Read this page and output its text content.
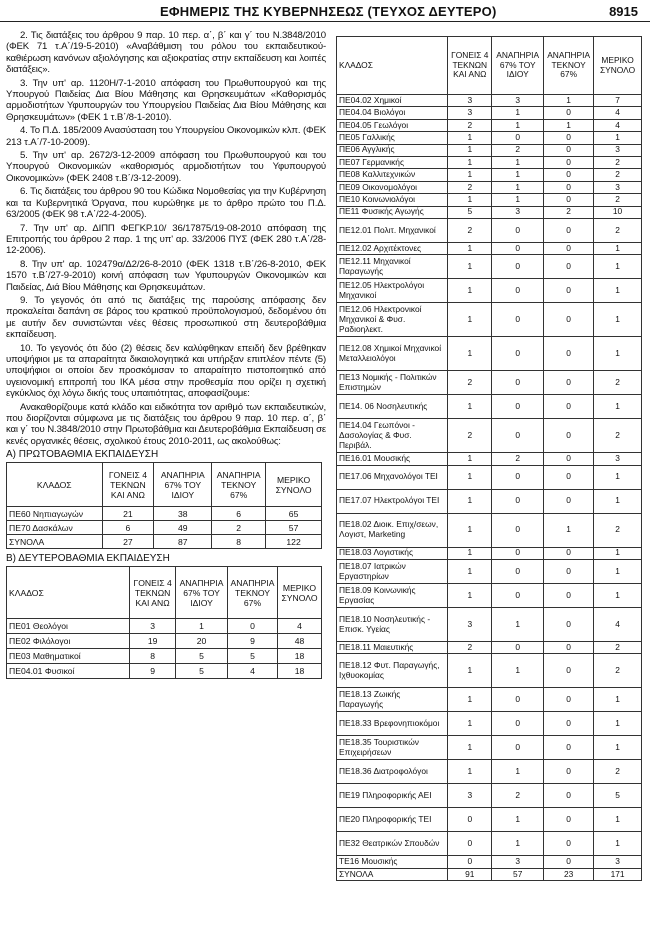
ΕΦΗΜΕΡΙΣ ΤΗΣ ΚΥΒΕΡΝΗΣΕΩΣ (ΤΕΥΧΟΣ ΔΕΥΤΕΡΟ)	8915
2. Τις διατάξεις του άρθρου 9 παρ. 10 περ. α΄, β΄ και γ΄ του Ν.3848/2010 (ΦΕΚ 71 τ.Α΄/19-5-2010) «Αναβάθμιση του ρόλου του εκπαιδευτικού- καθιέρωση κανόνων αξιολόγησης και αξιοκρατίας στην εκπαίδευση και λοιπές διατάξεις».
3. Την υπ' αρ. 1120Η/7-1-2010 απόφαση του Πρωθυπουργού και της Υπουργού Παιδείας Δια Βίου Μάθησης και Θρησκευμάτων «Καθορισμός αρμοδιοτήτων Υφυπουργών του Υπουργείου Παιδείας Δια Βίου Μάθησης και Θρησκευμάτων» (ΦΕΚ 1 τ.Β΄/8-1-2010).
4. Το Π.Δ. 185/2009 Ανασύσταση του Υπουργείου Οικονομικών κλπ. (ΦΕΚ 213 τ.Α΄/7-10-2009).
5. Την υπ' αρ. 2672/3-12-2009 απόφαση του Πρωθυπουργού και του Υπουργού Οικονομικών «καθορισμός αρμοδιοτήτων του Υφυπουργού Οικονομικών» (ΦΕΚ 2408 τ.Β΄/3-12-2009).
6. Τις διατάξεις του άρθρου 90 του Κώδικα Νομοθεσίας για την Κυβέρνηση και τα Κυβερνητικά Όργανα, που κυρώθηκε με το άρθρο πρώτο του Π.Δ. 63/2005 (ΦΕΚ 98 τ.Α΄/22-4-2005).
7. Την υπ' αρ. ΔΙΠΠ ΦΕΓΚΡ.10/ 36/17875/19-08-2010 απόφαση της Επιτροπής του άρθρου 2 παρ. 1 της υπ' αρ. 33/2006 ΠΥΣ (ΦΕΚ 280 τ.Α΄/28-12-2006).
8. Την υπ' αρ. 102479α/Δ2/26-8-2010 (ΦΕΚ 1318 τ.Β΄/26-8-2010, ΦΕΚ 1570 τ.Β΄/27-9-2010) κοινή απόφαση των Υφυπουργών Οικονομικών και Παιδείας, Διά Βίου Μάθησης και Θρησκευμάτων.
9. Το γεγονός ότι από τις διατάξεις της παρούσης απόφασης δεν προκαλείται δαπάνη σε βάρος του κρατικού προϋπολογισμού, δεδομένου ότι με αυτήν δεν συνιστώνται νέες θέσεις προσωπικού στη δευτεροβάθμια εκπαίδευση.
10. Το γεγονός ότι δύο (2) θέσεις δεν καλύφθηκαν επειδή δεν βρέθηκαν υποψήφιοι με τα απαραίτητα δικαιολογητικά και υπήρξαν επιπλέον πέντε (5) υποψήφιοι οι οποίοι δεν προσκόμισαν το απαραίτητο πιστοποιητικό από υγειονομική επιτροπή του ΙΚΑ μέσα στην προθεσμία που ορίζει η σχετική εγκύκλιος όχι λόγω δικής τους υπαιτιότητας, αποφασίζουμε:
Ανακαθορίζουμε κατά κλάδο και ειδικότητα τον αριθμό των εκπαιδευτικών, που διορίζονται σύμφωνα με τις διατάξεις του άρθρου 9 παρ. 10 περ. α΄, β΄ και γ΄ του Ν.3848/2010 στην Πρωτοβάθμια και Δευτεροβάθμια Εκπαίδευση σε κενές οργανικές θέσεις, σχολικού έτους 2010-2011, ως ακολούθως:
Α) ΠΡΩΤΟΒΑΘΜΙΑ ΕΚΠΑΙΔΕΥΣΗ
ΚΛΑΔΟΣ	ΓΟΝΕΙΣ 4 ΤΕΚΝΩΝ ΚΑΙ ΑΝΩ	ΑΝΑΠΗΡΙΑ 67% ΤΟΥ ΙΔΙΟΥ	ΑΝΑΠΗΡΙΑ ΤΕΚΝΟΥ 67%	ΜΕΡΙΚΟ ΣΥΝΟΛΟ
ΠΕ60 Νηπιαγωγών	21	38	6	65
ΠΕ70 Δασκάλων	6	49	2	57
ΣΥΝΟΛΑ	27	87	8	122
Β) ΔΕΥΤΕΡΟΒΑΘΜΙΑ ΕΚΠΑΙΔΕΥΣΗ
ΚΛΑΔΟΣ	ΓΟΝΕΙΣ 4 ΤΕΚΝΩΝ ΚΑΙ ΑΝΩ	ΑΝΑΠΗΡΙΑ 67% ΤΟΥ ΙΔΙΟΥ	ΑΝΑΠΗΡΙΑ ΤΕΚΝΟΥ 67%	ΜΕΡΙΚΟ ΣΥΝΟΛΟ
ΠΕ01 Θεολόγοι	3	1	0	4
ΠΕ02 Φιλόλογοι	19	20	9	48
ΠΕ03 Μαθηματικοί	8	5	5	18
ΠΕ04.01 Φυσικοί	9	5	4	18
ΚΛΑΔΟΣ	ΓΟΝΕΙΣ 4 ΤΕΚΝΩΝ ΚΑΙ ΑΝΩ	ΑΝΑΠΗΡΙΑ 67% ΤΟΥ ΙΔΙΟΥ	ΑΝΑΠΗΡΙΑ ΤΕΚΝΟΥ 67%	ΜΕΡΙΚΟ ΣΥΝΟΛΟ
ΠΕ04.02 Χημικοί	3	3	1	7
ΠΕ04.04 Βιολόγοι	3	1	0	4
ΠΕ04.05 Γεωλόγοι	2	1	1	4
ΠΕ05 Γαλλικής	1	0	0	1
ΠΕ06 Αγγλικής	1	2	0	3
ΠΕ07 Γερμανικής	1	1	0	2
ΠΕ08 Καλλιτεχνικών	1	1	0	2
ΠΕ09 Οικονομολόγοι	2	1	0	3
ΠΕ10 Κοινωνιολόγοι	1	1	0	2
ΠΕ11 Φυσικής Αγωγής	5	3	2	10
ΠΕ12.01 Πολιτ. Μηχανικοί	2	0	0	2
ΠΕ12.02 Αρχιτέκτονες	1	0	0	1
ΠΕ12.11 Μηχανικοί Παραγωγής	1	0	0	1
ΠΕ12.05 Ηλεκτρολόγοι Μηχανικοί	1	0	0	1
ΠΕ12.06 Ηλεκτρονικοί Μηχανικοί & Φυσ. Ραδιοηλεκτ.	1	0	0	1
ΠΕ12.08 Χημικοί Μηχανικοί Μεταλλειολόγοι	1	0	0	1
ΠΕ13 Νομικής - Πολιτικών Επιστημών	2	0	0	2
ΠΕ14. 06 Νοσηλευτικής	1	0	0	1
ΠΕ14.04 Γεωπόνοι - Δασολογίας & Φυσ. Περιβάλ.	2	0	0	2
ΠΕ16.01 Μουσικής	1	2	0	3
ΠΕ17.06 Μηχανολόγοι ΤΕΙ	1	0	0	1
ΠΕ17.07 Ηλεκτρολόγοι ΤΕΙ	1	0	0	1
ΠΕ18.02 Διοικ. Επιχ/σεων, Λογιστ, Marketing	1	0	1	2
ΠΕ18.03 Λογιστικής	1	0	0	1
ΠΕ18.07 Ιατρικών Εργαστηρίων	1	0	0	1
ΠΕ18.09 Κοινωνικής Εργασίας	1	0	0	1
ΠΕ18.10 Νοσηλευτικής - Επισκ. Υγείας	3	1	0	4
ΠΕ18.11 Μαιευτικής	2	0	0	2
ΠΕ18.12 Φυτ. Παραγωγής, Ιχθυοκομίας	1	1	0	2
ΠΕ18.13 Ζωικής Παραγωγής	1	0	0	1
ΠΕ18.33 Βρεφονηπιοκόμοι	1	0	0	1
ΠΕ18.35 Τουριστικών Επιχειρήσεων	1	0	0	1
ΠΕ18.36 Διατροφολόγοι	1	1	0	2
ΠΕ19 Πληροφορικής ΑΕΙ	3	2	0	5
ΠΕ20 Πληροφορικής ΤΕΙ	0	1	0	1
ΠΕ32 Θεατρικών Σπουδών	0	1	0	1
ΤΕ16 Μουσικής	0	3	0	3
ΣΥΝΟΛΑ	91	57	23	171
